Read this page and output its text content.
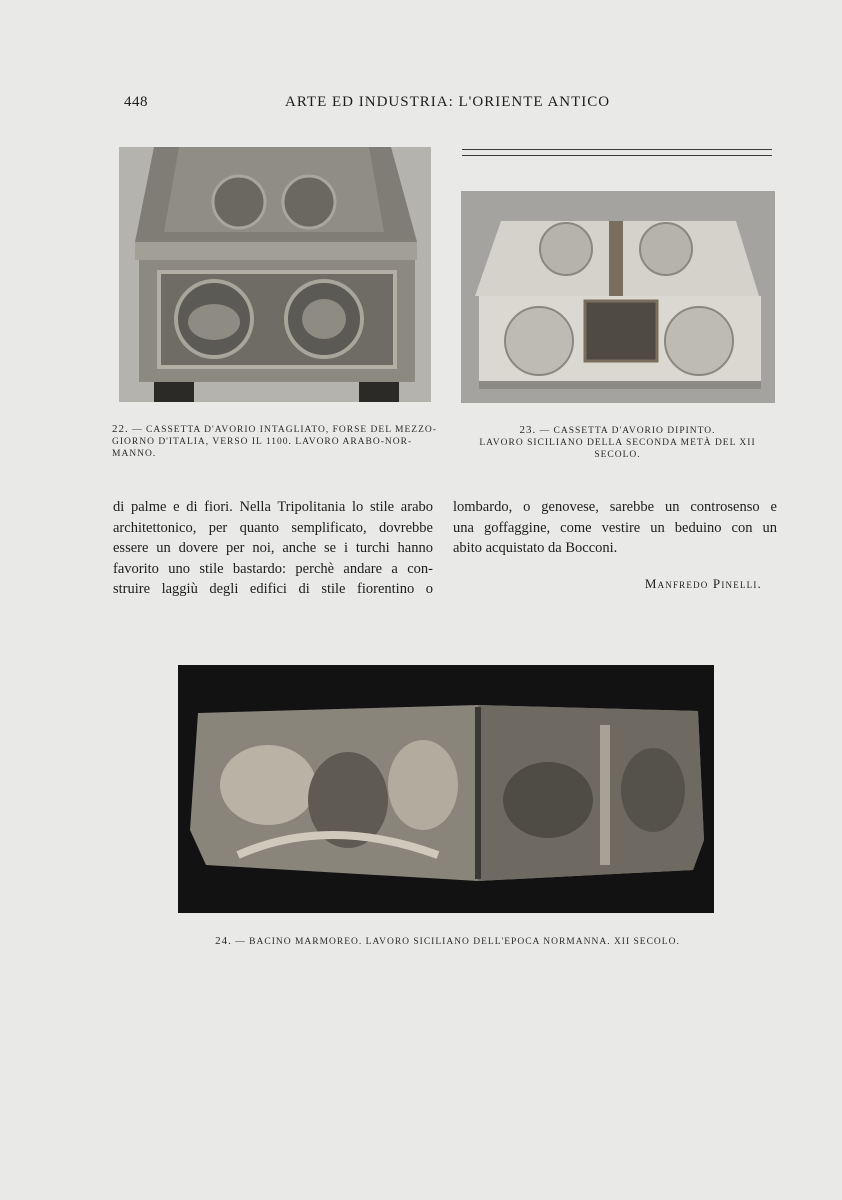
448	ARTE ED INDUSTRIA: L'ORIENTE ANTICO
22. — CASSETTA D'AVORIO INTAGLIATO, FORSE DEL MEZZO-
GIORNO D'ITALIA, VERSO IL 1100. LAVORO ARABO-NOR-
MANNO.
23. — CASSETTA D'AVORIO DIPINTO.
LAVORO SICILIANO DELLA SECONDA METÀ DEL XII SECOLO.
di palme e di fiori. Nella Tripolitania lo stile arabo
architettonico, per quanto semplificato, dovrebbe
essere un dovere per noi, anche se i turchi hanno
favorito uno stile bastardo: perchè andare a con-
struire laggiù degli edifici di stile fiorentino o
lombardo, o genovese, sarebbe un controsenso e
una goffaggine, come vestire un beduino con un
abito acquistato da Bocconi.
Manfredo Pinelli.
24. — BACINO MARMOREO. LAVORO SICILIANO DELL'EPOCA NORMANNA. XII SECOLO.
